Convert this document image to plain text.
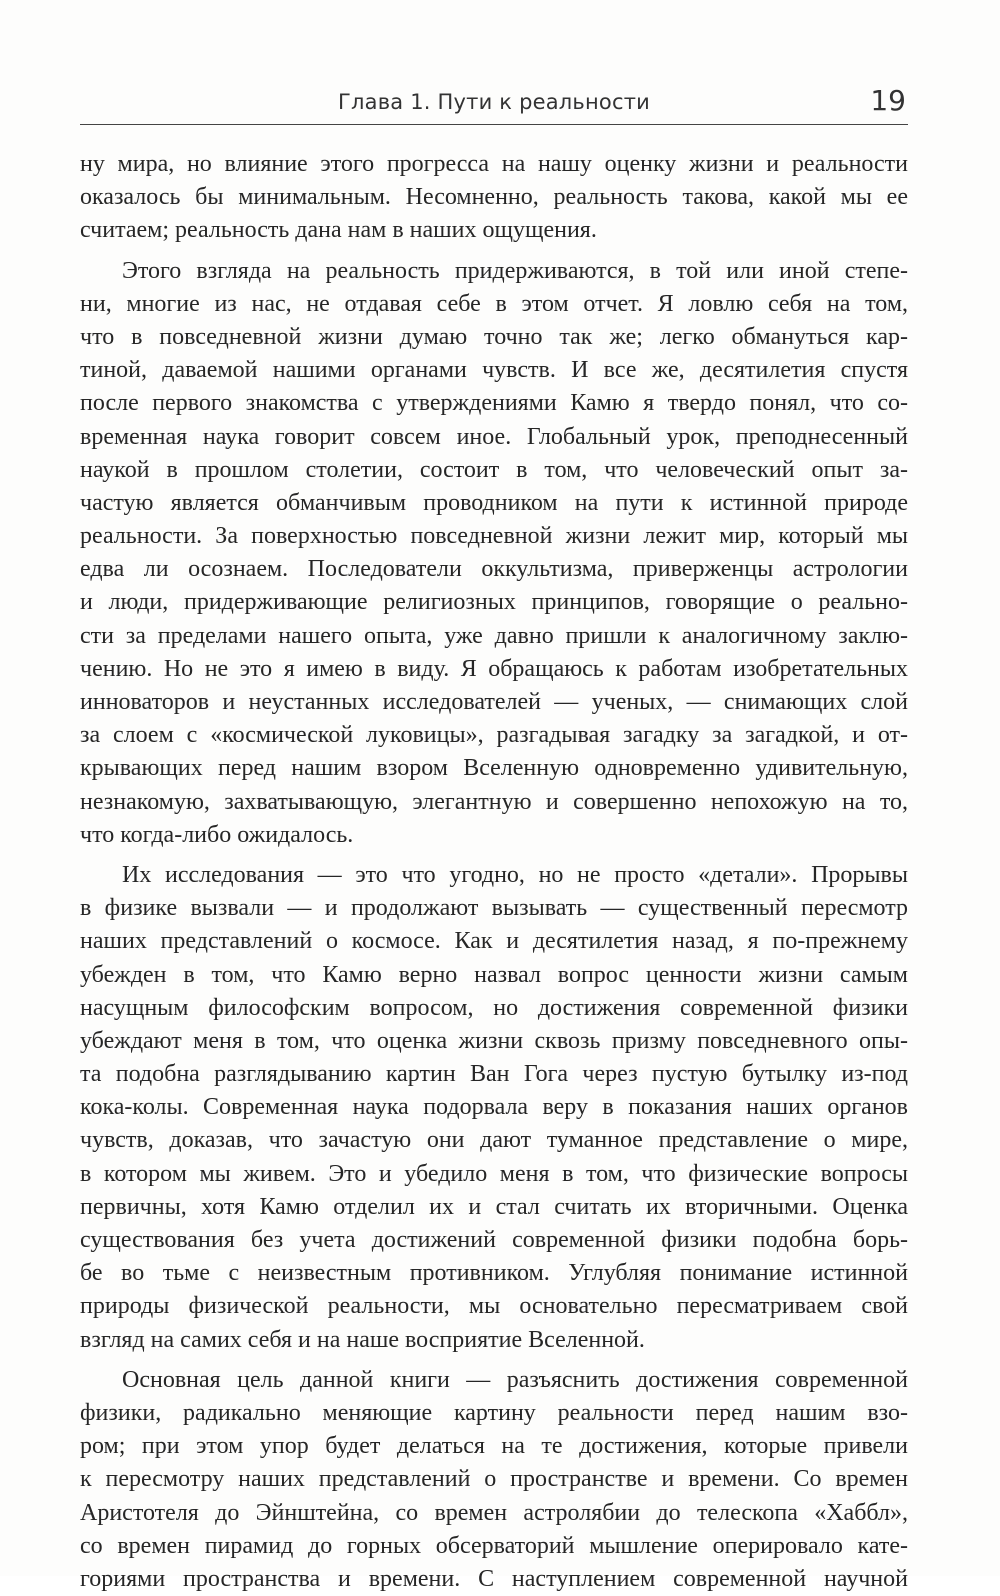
Глава 1. Пути к реальности	19
ну мира, но влияние этого прогресса на нашу оценку жизни и реальности
оказалось бы минимальным. Несомненно, реальность такова, какой мы ее
считаем; реальность дана нам в наших ощущения.
Этого взгляда на реальность придерживаются, в той или иной степе-
ни, многие из нас, не отдавая себе в этом отчет. Я ловлю себя на том,
что в повседневной жизни думаю точно так же; легко обмануться кар-
тиной, даваемой нашими органами чувств. И все же, десятилетия спустя
после первого знакомства с утверждениями Камю я твердо понял, что со-
временная наука говорит совсем иное. Глобальный урок, преподнесенный
наукой в прошлом столетии, состоит в том, что человеческий опыт за-
частую является обманчивым проводником на пути к истинной природе
реальности. За поверхностью повседневной жизни лежит мир, который мы
едва ли осознаем. Последователи оккультизма, приверженцы астрологии
и люди, придерживающие религиозных принципов, говорящие о реально-
сти за пределами нашего опыта, уже давно пришли к аналогичному заклю-
чению. Но не это я имею в виду. Я обращаюсь к работам изобретательных
инноваторов и неустанных исследователей — ученых, — снимающих слой
за слоем с «космической луковицы», разгадывая загадку за загадкой, и от-
крывающих перед нашим взором Вселенную одновременно удивительную,
незнакомую, захватывающую, элегантную и совершенно непохожую на то,
что когда-либо ожидалось.
Их исследования — это что угодно, но не просто «детали». Прорывы
в физике вызвали — и продолжают вызывать — существенный пересмотр
наших представлений о космосе. Как и десятилетия назад, я по-прежнему
убежден в том, что Камю верно назвал вопрос ценности жизни самым
насущным философским вопросом, но достижения современной физики
убеждают меня в том, что оценка жизни сквозь призму повседневного опы-
та подобна разглядыванию картин Ван Гога через пустую бутылку из-под
кока-колы. Современная наука подорвала веру в показания наших органов
чувств, доказав, что зачастую они дают туманное представление о мире,
в котором мы живем. Это и убедило меня в том, что физические вопросы
первичны, хотя Камю отделил их и стал считать их вторичными. Оценка
существования без учета достижений современной физики подобна борь-
бе во тьме с неизвестным противником. Углубляя понимание истинной
природы физической реальности, мы основательно пересматриваем свой
взгляд на самих себя и на наше восприятие Вселенной.
Основная цель данной книги — разъяснить достижения современной
физики, радикально меняющие картину реальности перед нашим взо-
ром; при этом упор будет делаться на те достижения, которые привели
к пересмотру наших представлений о пространстве и времени. Со времен
Аристотеля до Эйнштейна, со времен астролябии до телескопа «Хаббл»,
со времен пирамид до горных обсерваторий мышление оперировало кате-
гориями пространства и времени. С наступлением современной научной
